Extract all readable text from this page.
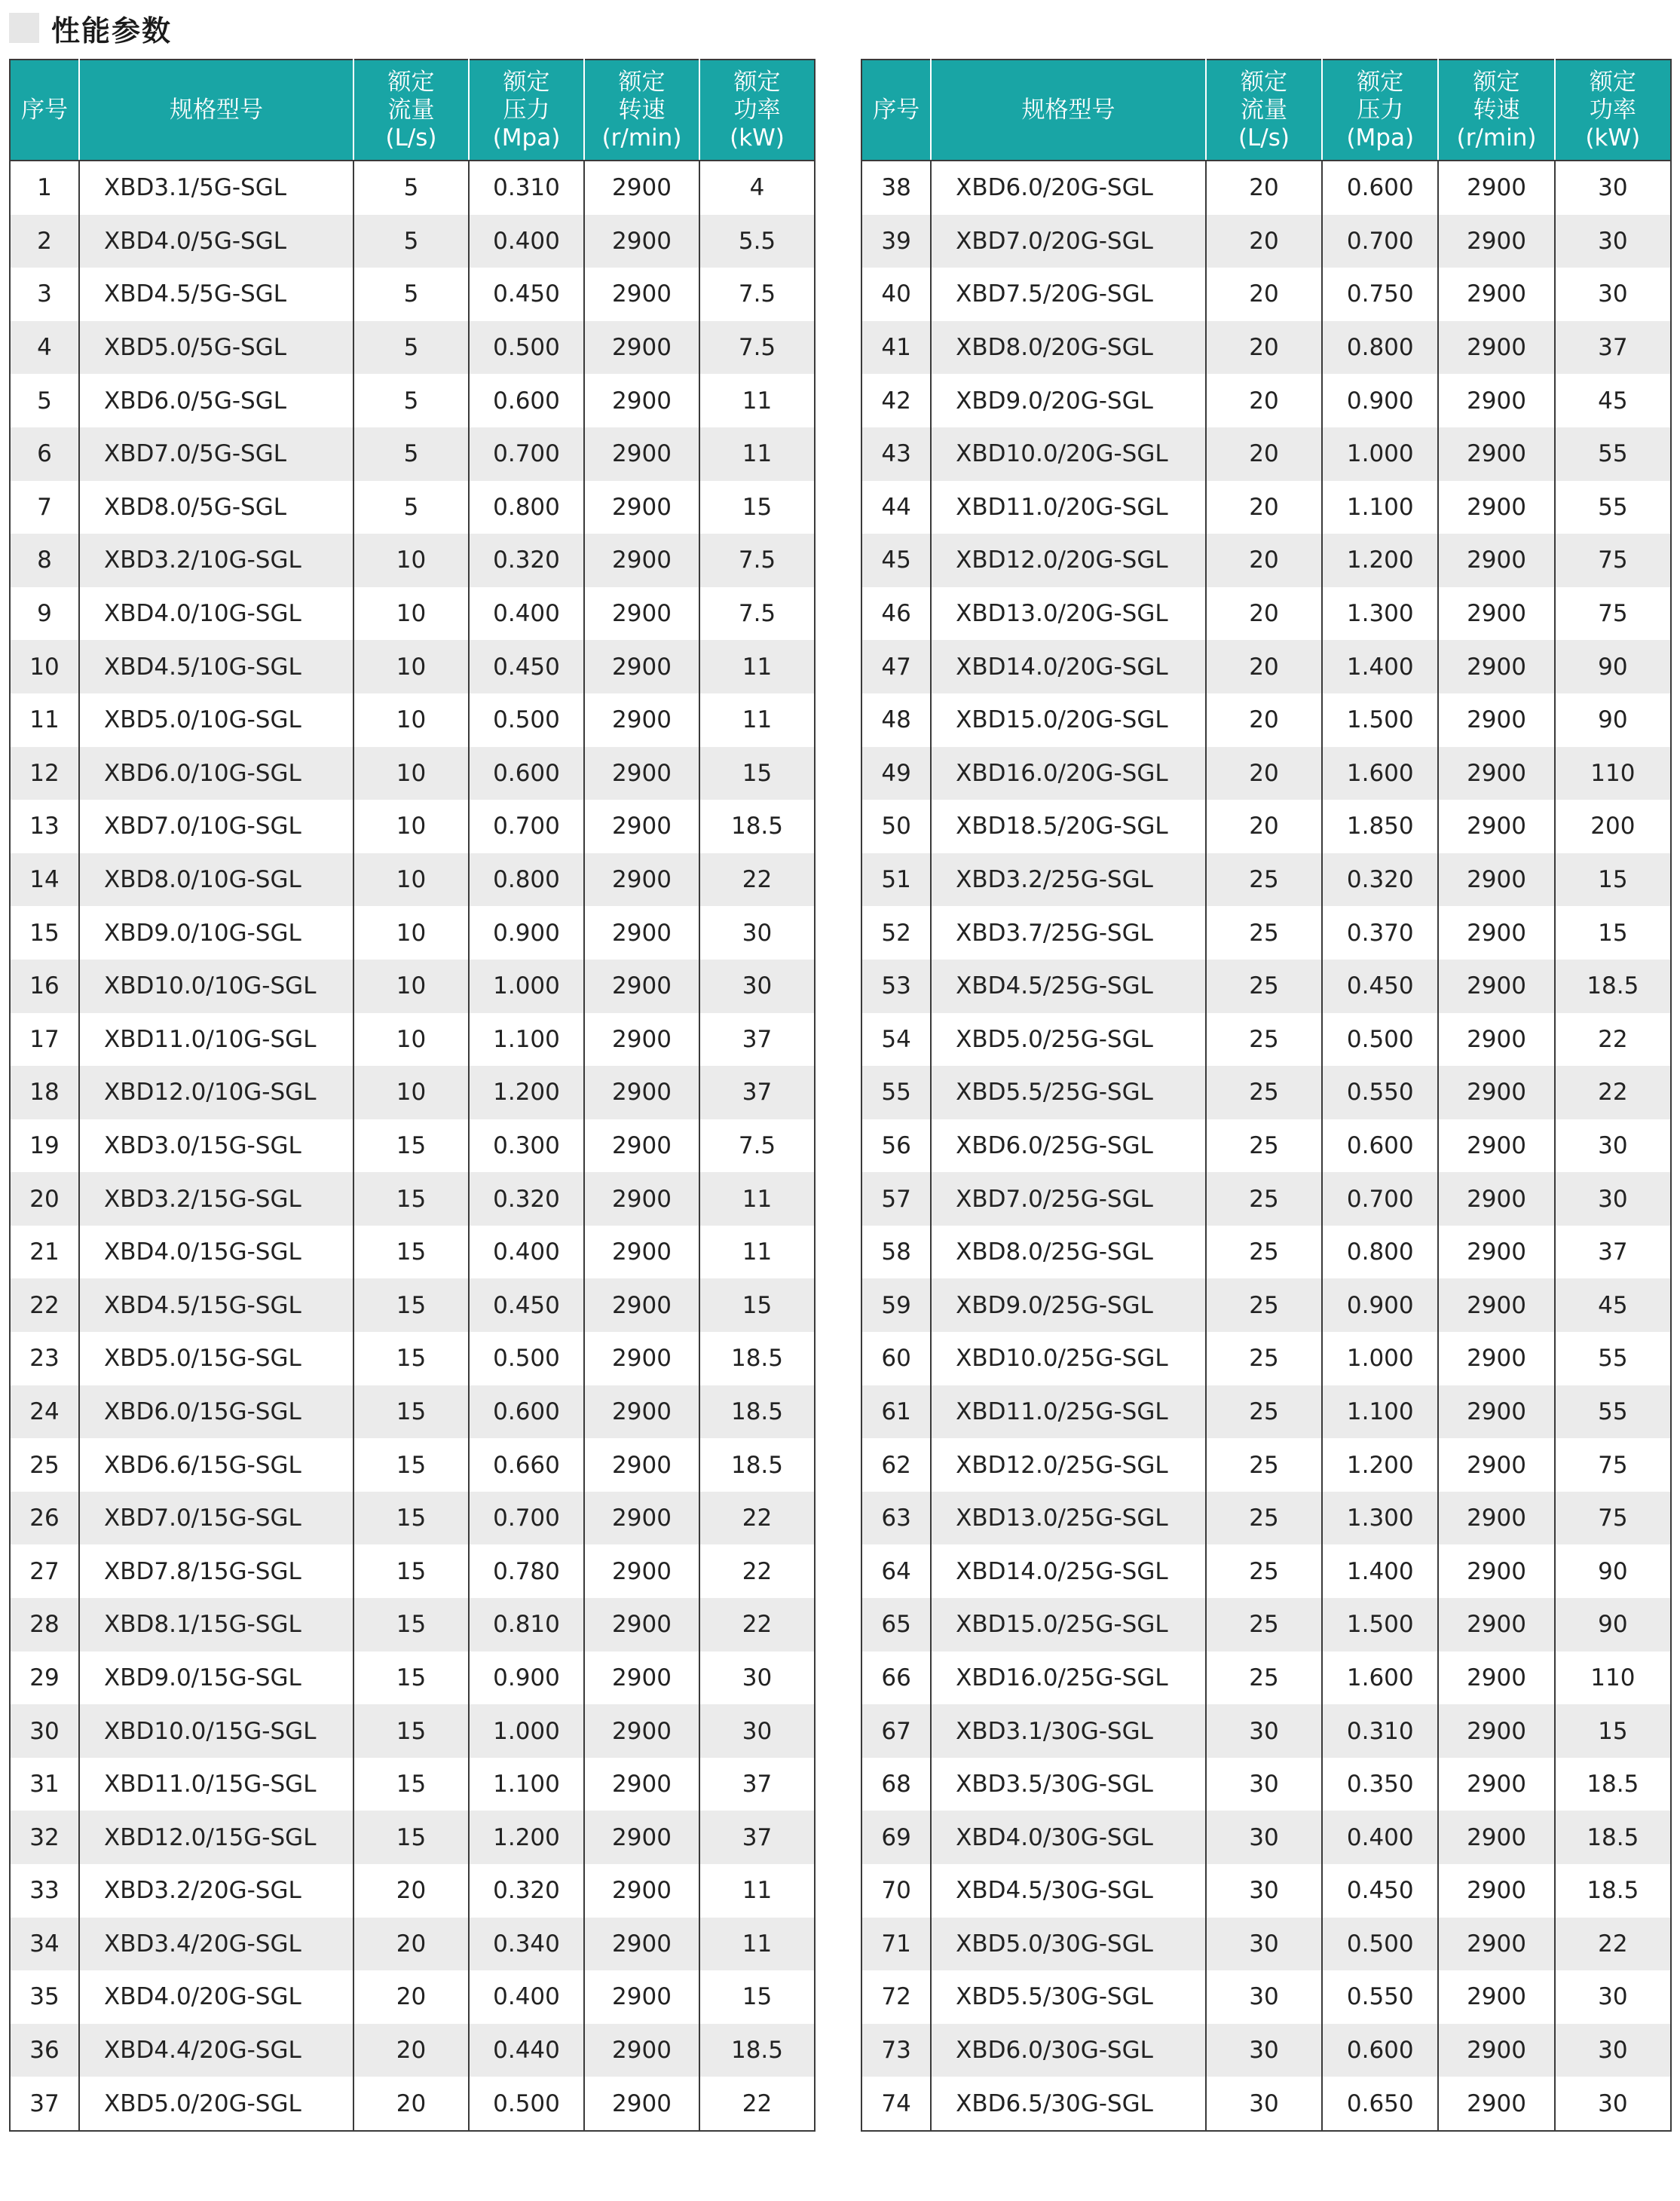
性能参数
序号	规格型号	额定
流量
(L/s)	额定
压力
(Mpa)	额定
转速
(r/min)	额定
功率
(kW)
1	XBD3.1/5G-SGL	5	0.310	2900	4
2	XBD4.0/5G-SGL	5	0.400	2900	5.5
3	XBD4.5/5G-SGL	5	0.450	2900	7.5
4	XBD5.0/5G-SGL	5	0.500	2900	7.5
5	XBD6.0/5G-SGL	5	0.600	2900	11
6	XBD7.0/5G-SGL	5	0.700	2900	11
7	XBD8.0/5G-SGL	5	0.800	2900	15
8	XBD3.2/10G-SGL	10	0.320	2900	7.5
9	XBD4.0/10G-SGL	10	0.400	2900	7.5
10	XBD4.5/10G-SGL	10	0.450	2900	11
11	XBD5.0/10G-SGL	10	0.500	2900	11
12	XBD6.0/10G-SGL	10	0.600	2900	15
13	XBD7.0/10G-SGL	10	0.700	2900	18.5
14	XBD8.0/10G-SGL	10	0.800	2900	22
15	XBD9.0/10G-SGL	10	0.900	2900	30
16	XBD10.0/10G-SGL	10	1.000	2900	30
17	XBD11.0/10G-SGL	10	1.100	2900	37
18	XBD12.0/10G-SGL	10	1.200	2900	37
19	XBD3.0/15G-SGL	15	0.300	2900	7.5
20	XBD3.2/15G-SGL	15	0.320	2900	11
21	XBD4.0/15G-SGL	15	0.400	2900	11
22	XBD4.5/15G-SGL	15	0.450	2900	15
23	XBD5.0/15G-SGL	15	0.500	2900	18.5
24	XBD6.0/15G-SGL	15	0.600	2900	18.5
25	XBD6.6/15G-SGL	15	0.660	2900	18.5
26	XBD7.0/15G-SGL	15	0.700	2900	22
27	XBD7.8/15G-SGL	15	0.780	2900	22
28	XBD8.1/15G-SGL	15	0.810	2900	22
29	XBD9.0/15G-SGL	15	0.900	2900	30
30	XBD10.0/15G-SGL	15	1.000	2900	30
31	XBD11.0/15G-SGL	15	1.100	2900	37
32	XBD12.0/15G-SGL	15	1.200	2900	37
33	XBD3.2/20G-SGL	20	0.320	2900	11
34	XBD3.4/20G-SGL	20	0.340	2900	11
35	XBD4.0/20G-SGL	20	0.400	2900	15
36	XBD4.4/20G-SGL	20	0.440	2900	18.5
37	XBD5.0/20G-SGL	20	0.500	2900	22
序号	规格型号	额定
流量
(L/s)	额定
压力
(Mpa)	额定
转速
(r/min)	额定
功率
(kW)
38	XBD6.0/20G-SGL	20	0.600	2900	30
39	XBD7.0/20G-SGL	20	0.700	2900	30
40	XBD7.5/20G-SGL	20	0.750	2900	30
41	XBD8.0/20G-SGL	20	0.800	2900	37
42	XBD9.0/20G-SGL	20	0.900	2900	45
43	XBD10.0/20G-SGL	20	1.000	2900	55
44	XBD11.0/20G-SGL	20	1.100	2900	55
45	XBD12.0/20G-SGL	20	1.200	2900	75
46	XBD13.0/20G-SGL	20	1.300	2900	75
47	XBD14.0/20G-SGL	20	1.400	2900	90
48	XBD15.0/20G-SGL	20	1.500	2900	90
49	XBD16.0/20G-SGL	20	1.600	2900	110
50	XBD18.5/20G-SGL	20	1.850	2900	200
51	XBD3.2/25G-SGL	25	0.320	2900	15
52	XBD3.7/25G-SGL	25	0.370	2900	15
53	XBD4.5/25G-SGL	25	0.450	2900	18.5
54	XBD5.0/25G-SGL	25	0.500	2900	22
55	XBD5.5/25G-SGL	25	0.550	2900	22
56	XBD6.0/25G-SGL	25	0.600	2900	30
57	XBD7.0/25G-SGL	25	0.700	2900	30
58	XBD8.0/25G-SGL	25	0.800	2900	37
59	XBD9.0/25G-SGL	25	0.900	2900	45
60	XBD10.0/25G-SGL	25	1.000	2900	55
61	XBD11.0/25G-SGL	25	1.100	2900	55
62	XBD12.0/25G-SGL	25	1.200	2900	75
63	XBD13.0/25G-SGL	25	1.300	2900	75
64	XBD14.0/25G-SGL	25	1.400	2900	90
65	XBD15.0/25G-SGL	25	1.500	2900	90
66	XBD16.0/25G-SGL	25	1.600	2900	110
67	XBD3.1/30G-SGL	30	0.310	2900	15
68	XBD3.5/30G-SGL	30	0.350	2900	18.5
69	XBD4.0/30G-SGL	30	0.400	2900	18.5
70	XBD4.5/30G-SGL	30	0.450	2900	18.5
71	XBD5.0/30G-SGL	30	0.500	2900	22
72	XBD5.5/30G-SGL	30	0.550	2900	30
73	XBD6.0/30G-SGL	30	0.600	2900	30
74	XBD6.5/30G-SGL	30	0.650	2900	30
